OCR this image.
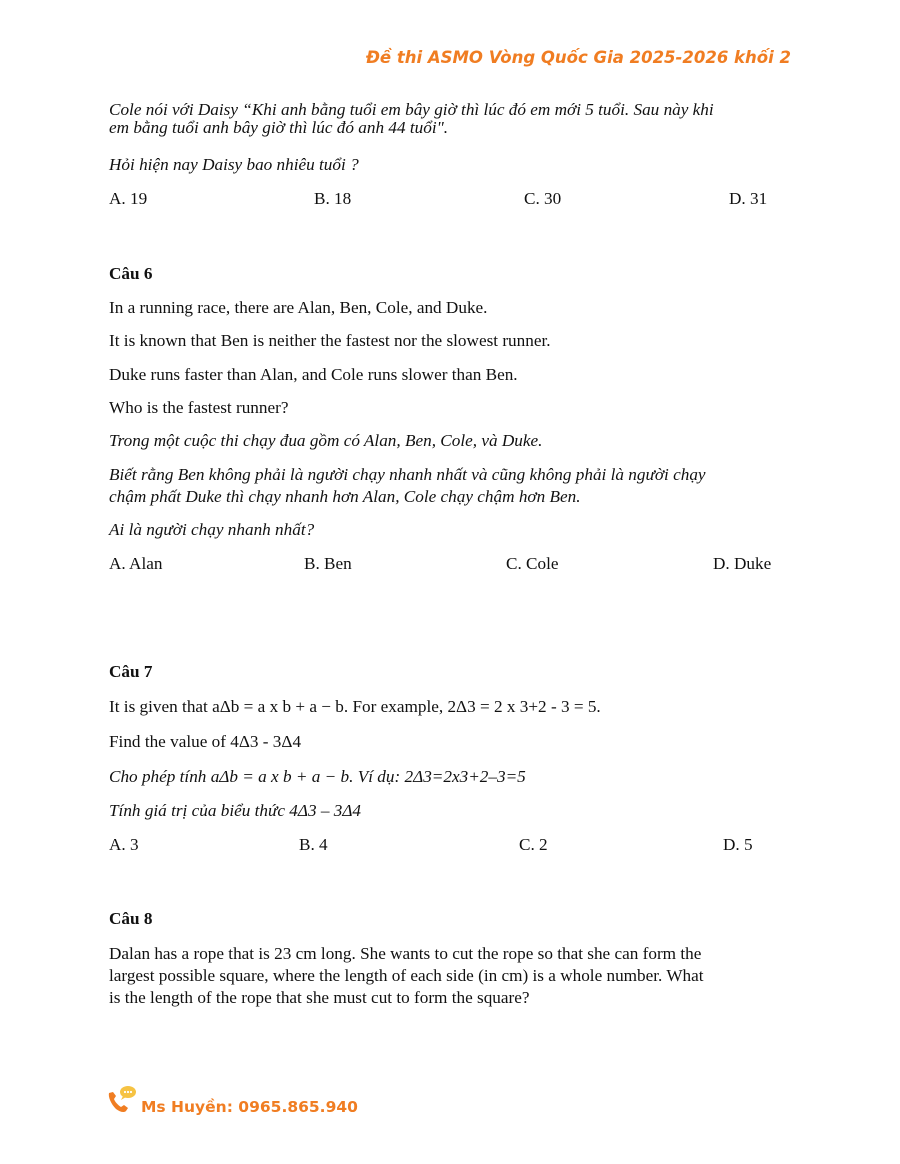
Đề thi ASMO Vòng Quốc Gia 2025-2026 khối 2
Cole nói với Daisy “Khi anh bằng tuổi em bây giờ thì lúc đó em mới 5 tuổi. Sau này khi
em bằng tuổi anh bây giờ thì lúc đó anh 44 tuổi".
Hỏi hiện nay Daisy bao nhiêu tuổi ?
A. 19	B. 18	C. 30	D. 31
Câu 6
In a running race, there are Alan, Ben, Cole, and Duke.
It is known that Ben is neither the fastest nor the slowest runner.
Duke runs faster than Alan, and Cole runs slower than Ben.
Who is the fastest runner?
Trong một cuộc thi chạy đua gồm có Alan, Ben, Cole, và Duke.
Biết rằng Ben không phải là người chạy nhanh nhất và cũng không phải là người chạy
chậm phất Duke thì chạy nhanh hơn Alan, Cole chạy chậm hơn Ben.
Ai là người chạy nhanh nhất?
A. Alan	B. Ben	C. Cole	D. Duke
Câu 7
It is given that aΔb = a x b + a − b. For example, 2Δ3 = 2 x 3+2 - 3 = 5.
Find the value of 4Δ3 - 3Δ4
Cho phép tính aΔb = a x b + a − b. Ví dụ: 2Δ3=2x3+2–3=5
Tính giá trị của biểu thức 4Δ3 – 3Δ4
A. 3	B. 4	C. 2	D. 5
Câu 8
Dalan has a rope that is 23 cm long. She wants to cut the rope so that she can form the
largest possible square, where the length of each side (in cm) is a whole number. What
is the length of the rope that she must cut to form the square?
Ms Huyền: 0965.865.940
